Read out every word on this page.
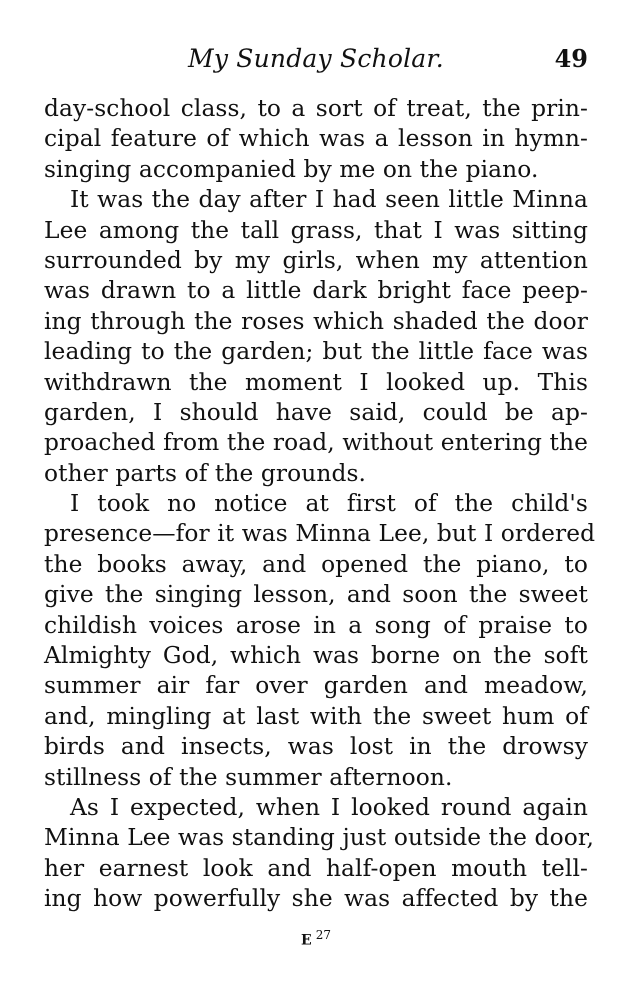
My Sunday Scholar.	49
day-school class, to a sort of treat, the prin-
cipal feature of which was a lesson in hymn-
singing accompanied by me on the piano.
It was the day after I had seen little Minna
Lee among the tall grass, that I was sitting
surrounded by my girls, when my attention
was drawn to a little dark bright face peep-
ing through the roses which shaded the door
leading to the garden; but the little face was
withdrawn the moment I looked up. This
garden, I should have said, could be ap-
proached from the road, without entering the
other parts of the grounds.
I took no notice at first of the child's
presence—for it was Minna Lee, but I ordered
the books away, and opened the piano, to
give the singing lesson, and soon the sweet
childish voices arose in a song of praise to
Almighty God, which was borne on the soft
summer air far over garden and meadow,
and, mingling at last with the sweet hum of
birds and insects, was lost in the drowsy
stillness of the summer afternoon.
As I expected, when I looked round again
Minna Lee was standing just outside the door,
her earnest look and half-open mouth tell-
ing how powerfully she was affected by the
E 27
